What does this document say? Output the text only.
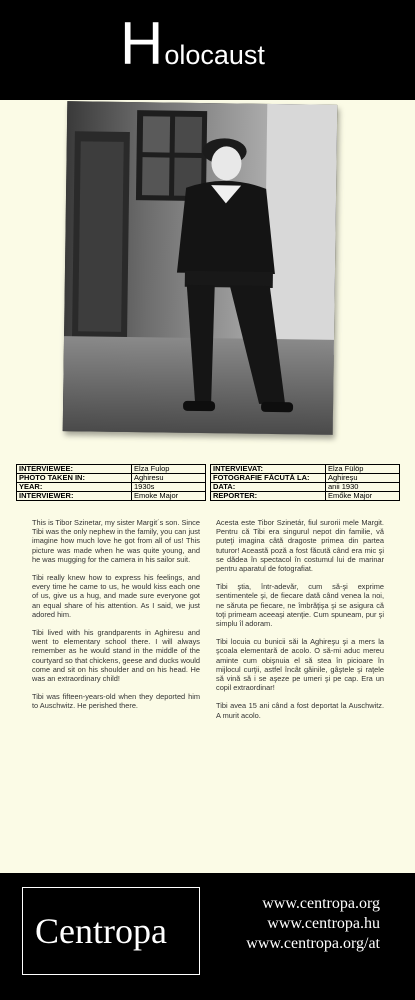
Holocaust
INTERVIEWEE:	Elza Fulop
PHOTO TAKEN IN:	Aghiresu
YEAR:	1930s
INTERVIEWER:	Emoke Major
INTERVIEVAT:	Elza Fülöp
FOTOGRAFIE FĂCUTĂ LA:	Aghireşu
DATA:	anii 1930
REPORTER:	Emőke Major

This is Tibor Szinetar, my sister Margit´s son. Since Tibi was the only nephew in the family, you can just imagine how much love he got from all of us! This picture was made when he was quite young, and he was mugging for the camera in his sailor suit.

Tibi really knew how to express his feelings, and every time he came to us, he would kiss each one of us, give us a hug, and made sure everyone got an equal share of his attention. As I said, we just adored him.

Tibi lived with his grandparents in Aghiresu and went to elementary school there. I will always remember as he would stand in the middle of the courtyard so that chickens, geese and ducks would come and sit on his shoulder and on his head. He was an extraordinary child!

Tibi was fifteen-years-old when they deported him to Auschwitz. He perished there.

Acesta este Tibor Szinetár, fiul surorii mele Margit. Pentru că Tibi era singurul nepot din familie, vă puteţi imagina câtă dragoste primea din partea tuturor! Această poză a fost făcută când era mic şi se dădea în spectacol în costumul lui de marinar pentru aparatul de fotografiat.

Tibi ştia, într-adevăr, cum să-şi exprime sentimentele şi, de fiecare dată când venea la noi, ne săruta pe fiecare, ne îmbrăţişa şi se asigura că toţi primeam aceeaşi atenţie. Cum spuneam, pur şi simplu îl adoram.

Tibi locuia cu bunicii săi la Aghireşu şi a mers la şcoala elementară de acolo. O să-mi aduc mereu aminte cum obişnuia el să stea în picioare în mijlocul curţii, astfel încât găinile, gâştele şi raţele să vină să i se aşeze pe umeri şi pe cap. Era un copil extraordinar!

Tibi avea 15 ani când a fost deportat la Auschwitz. A murit acolo.

Centropa
www.centropa.org
www.centropa.hu
www.centropa.org/at
